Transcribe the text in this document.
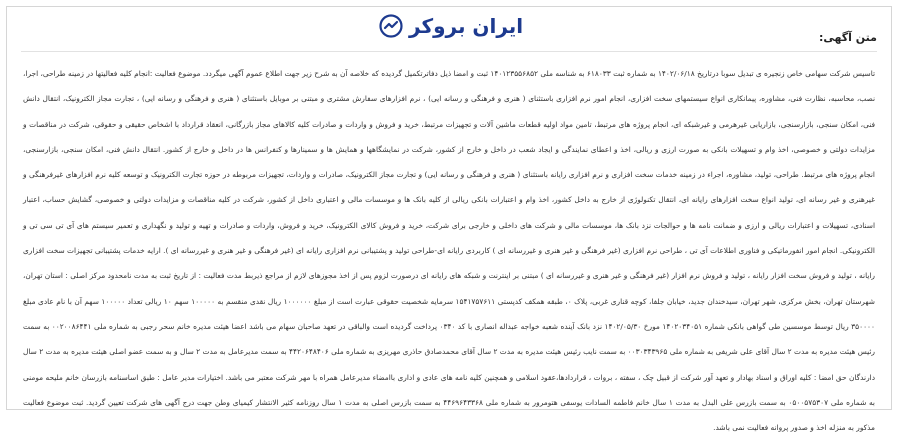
ایران بروکر	متن آگهی:

تاسیس شرکت سهامی خاص زنجیره ی تبدیل سوبا درتاریخ ۱۴۰۲/۰۶/۱۸ به شماره ثبت ۶۱۸۰۳۳ به شناسه ملی ۱۴۰۱۲۳۵۵۶۸۵۲ ثبت و امضا ذیل دفاترتکمیل گردیده که خلاصه آن به شرح زیر جهت اطلاع عموم آگهی میگردد. موضوع فعالیت :انجام کلیه فعالیتها در زمینه طراحی، اجرا، نصب، محاسبه، نظارت فنی، مشاوره، پیمانکاری انواع سیستمهای سخت افزاری، انجام امور نرم افزاری باستثنای ( هنری و فرهنگی و رسانه ایی) ، نرم افزارهای سفارش مشتری و مبتنی بر موبایل باستثنای ( هنری و فرهنگی و رسانه ایی) ، تجارت مجاز الکترونیک، انتقال دانش فنی، امکان سنجی، بازارسنجی، بازاریابی غیرهرمی و غیرشبکه ای، انجام پروژه های مرتبط، تامین مواد اولیه قطعات ماشین آلات و تجهیزات مرتبط، خرید و فروش و واردات و صادرات کلیه کالاهای مجاز بازرگانی، انعقاد قرارداد با اشخاص حقیقی و حقوقی، شرکت در مناقصات و مزایدات دولتی و خصوصی، اخذ وام و تسهیلات بانکی به صورت ارزی و ریالی، اخذ و اعطای نمایندگی و ایجاد شعب در داخل و خارج از کشور، شرکت در نمایشگاهها و همایش ها و سمینارها و کنفرانس ها در داخل و خارج از کشور. انتقال دانش فنی، امکان سنجی، بازارسنجی، انجام پروژه های مرتبط. طراحی، تولید، مشاوره، اجراء در زمینه خدمات سخت افزاری و نرم افزاری رایانه باستثنای ( هنری و فرهنگی و رسانه ایی) و تجارت مجاز الکترونیک، صادرات و واردات، تجهیزات مربوطه در حوزه تجارت الکترونیک و توسعه کلیه نرم افزارهای غیرفرهنگی و غیرهنری و غیر رسانه ای، تولید انواع سخت افزارهای رایانه ای، انتقال تکنولوژی از خارج به داخل کشور، اخذ وام و اعتبارات بانکی ریالی از کلیه بانک ها و موسسات مالی و اعتباری داخل از کشور، شرکت در کلیه مناقصات و مزایدات دولتی و خصوصی، گشایش حساب، اعتبار اسنادی، تسهیلات و اعتبارات ریالی و ارزی و ضمانت نامه ها و حوالجات نزد بانک ها، موسسات مالی و شرکت های داخلی و خارجی برای شرکت، خرید و فروش کالای الکترونیک، خرید و فروش، واردات و صادرات و تهیه و تولید و نگهداری و تعمیر سیستم های آی تی سی تی و الکترونیکی. انجام امور انفورماتیکی و فناوری اطلاعات آی تی ، طراحی نرم افزاری (غیر فرهنگی و غیر هنری و غیررسانه ای ) کاربردی رایانه ای-طراحی تولید و پشتیبانی نرم افزاری رایانه ای (غیر فرهنگی و غیر هنری و غیررسانه ای ). ارایه خدمات پشتیبانی تجهیزات سخت افزاری رایانه ، تولید و فروش سخت افزار رایانه ، تولید و فروش نرم افزار (غیر فرهنگی و غیر هنری و غیررسانه ای ) مبتنی بر اینترنت و شبکه های رایانه ای درصورت لزوم پس از اخذ مجوزهای لازم از مراجع ذیربط مدت فعالیت : از تاریخ ثبت به مدت نامحدود مرکز اصلی : استان تهران، شهرستان تهران، بخش مرکزی، شهر تهران، سیدخندان جدید، خیابان جلفا، کوچه قناری غربی، پلاک ۰، طبقه همکف کدپستی ۱۵۴۱۷۵۷۶۱۱ سرمایه شخصیت حقوقی عبارت است از مبلغ ۱۰۰۰۰۰۰ ریال نقدی منقسم به ۱۰۰۰۰۰ سهم ۱۰ ریالی تعداد ۱۰۰۰۰۰ سهم آن با نام عادی مبلغ ۳۵۰۰۰۰ ریال توسط موسسین طی گواهی بانکی شماره ۱۴۰۲۰۳۴۰۵۱ مورخ ۱۴۰۲/۰۵/۳۰ نزد بانک آینده شعبه خواجه عبداله انصاری با کد ۰۳۴۰ پرداخت گردیده است والباقی در تعهد صاحبان سهام می باشد اعضا هیئت مدیره خانم سحر رجبی به شماره ملی ۰۰۲۰۰۸۶۴۴۱ به سمت رئیس هیئت مدیره به مدت ۲ سال آقای علی شریفی به شماره ملی ۰۰۳۰۳۴۳۹۶۵ به سمت نایب رئیس هیئت مدیره به مدت ۲ سال آقای محمدصادق حاذری مهریزی به شماره ملی ۴۴۲۰۶۴۸۴۰۶ به سمت مدیرعامل به مدت ۲ سال و به سمت عضو اصلی هیئت مدیره به مدت ۲ سال دارندگان حق امضا : کلیه اوراق و اسناد بهادار و تعهد آور شرکت از قبیل چک ، سفته ، بروات ، قراردادها،عقود اسلامی و همچنین کلیه نامه های عادی و اداری باامضاء مدیرعامل همراه با مهر شرکت معتبر می باشد. اختیارات مدیر عامل : طبق اساسنامه بازرسان خانم ملیحه مومنی به شماره ملی ۰۵۰۰۵۷۵۳۰۷ به سمت بازرس علی البدل به مدت ۱ سال خانم فاطمه السادات یوسفی هتومرور به شماره ملی ۴۴۶۹۶۴۳۳۶۸ به سمت بازرس اصلی به مدت ۱ سال روزنامه کثیر الانتشار کیمیای وطن جهت درج آگهی های شرکت تعیین گردید. ثبت موضوع فعالیت مذکور به منزله اخذ و صدور پروانه فعالیت نمی باشد.
